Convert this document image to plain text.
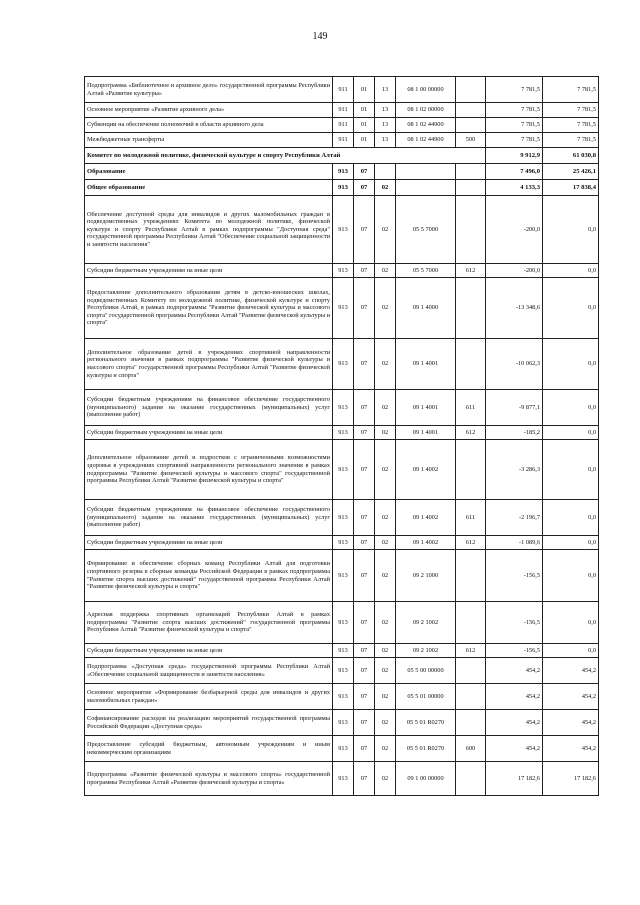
149
Подпрограмма «Библиотечное и архивное дело» государственной программы Республики Алтай «Развитие культуры»	911	01	13	08 1 00 00000		7 781,5	7 781,5
Основное мероприятие «Развитие архивного дела»	911	01	13	08 1 02 00000		7 781,5	7 781,5
Субвенции на обеспечение полномочий в области архивного дела	911	01	13	08 1 02 44900		7 781,5	7 781,5
Межбюджетные трансферты	911	01	13	08 1 02 44900	500	7 781,5	7 781,5
Комитет по молодежной политике, физической культуре и спорту Республики Алтай						9 912,9	61 030,8
Образование	913	07				7 496,0	25 426,1
Общее образование	913	07	02			4 133,3	17 838,4
Обеспечение доступной среды для инвалидов и других маломобильных граждан в подведомственных учреждениях Комитета по молодежной политике, физической культуре и спорту Республики Алтай в рамках подпрограммы "Доступная среда" государственной программы Республики Алтай "Обеспечение социальной защищенности и занятости населения"	913	07	02	05 5 7000		-200,0	0,0
Субсидии бюджетным учреждениям на иные цели	913	07	02	05 5 7000	612	-200,0	0,0
Предоставление дополнительного образования детям в детско-юношеских школах, подведомственных Комитету по молодежной политике, физической культуре и спорту Республики Алтай, в рамках подпрограммы "Развитие физической культуры и массового спорта" государственной программы Республики Алтай "Развитие физической культуры и спорта"	913	07	02	09 1 4000		-13 348,6	0,0
Дополнительное образование детей в учреждениях спортивной направленности регионального значения в рамках подпрограммы "Развитие физической культуры и массового спорта" государственной программы Республики Алтай "Развитие физической культуры и спорта"	913	07	02	09 1 4001		-10 062,3	0,0
Субсидии бюджетным учреждениям на финансовое обеспечение государственного (муниципального) задания на оказание государственных (муниципальных) услуг (выполнение работ)	913	07	02	09 1 4001	611	-9 877,1	0,0
Субсидии бюджетным учреждениям на иные цели	913	07	02	09 1 4001	612	-185,2	0,0
Дополнительное образование детей и подростков с ограниченными возможностями здоровья в учреждениях спортивной направленности регионального значения в рамках подпрограммы "Развитие физической культуры и массового спорта" государственной программы Республики Алтай "Развитие физической культуры и спорта"	913	07	02	09 1 4002		-3 286,3	0,0
Субсидии бюджетным учреждениям на финансовое обеспечение государственного (муниципального) задания на оказание государственных (муниципальных) услуг (выполнение работ)	913	07	02	09 1 4002	611	-2 196,7	0,0
Субсидии бюджетным учреждениям на иные цели	913	07	02	09 1 4002	612	-1 089,6	0,0
Формирование и обеспечение сборных команд Республики Алтай для подготовки спортивного резерва в сборные команды Российской Федерации в рамках подпрограммы "Развитие спорта высших достижений" государственной программы Республики Алтай "Развитие физической культуры и спорта"	913	07	02	09 2 1000		-156,5	0,0
Адресная поддержка спортивных организаций Республики Алтай в рамках подпрограммы "Развитие спорта высших достижений" государственной программы Республики Алтай "Развитие физической культуры и спорта"	913	07	02	09 2 1002		-156,5	0,0
Субсидии бюджетным учреждениям на иные цели	913	07	02	09 2 1002	612	-156,5	0,0
Подпрограмма «Доступная среда» государственной программы Республики Алтай «Обеспечение социальной защищенности и занятости населения»	913	07	02	05 5 00 00000		454,2	454,2
Основное мероприятие «Формирование безбарьерной среды для инвалидов и других маломобильных граждан»	913	07	02	05 5 01 00000		454,2	454,2
Софинансирование расходов на реализацию мероприятий государственной программы Российской Федерации «Доступная среда»	913	07	02	05 5 01 R0270		454,2	454,2
Предоставление субсидий бюджетным, автономным учреждениям и иным некоммерческим организациям	913	07	02	05 5 01 R0270	600	454,2	454,2
Подпрограмма «Развитие физической культуры и массового спорта» государственной программы Республики Алтай «Развитие физической культуры и спорта»	913	07	02	09 1 00 00000		17 182,6	17 182,6
